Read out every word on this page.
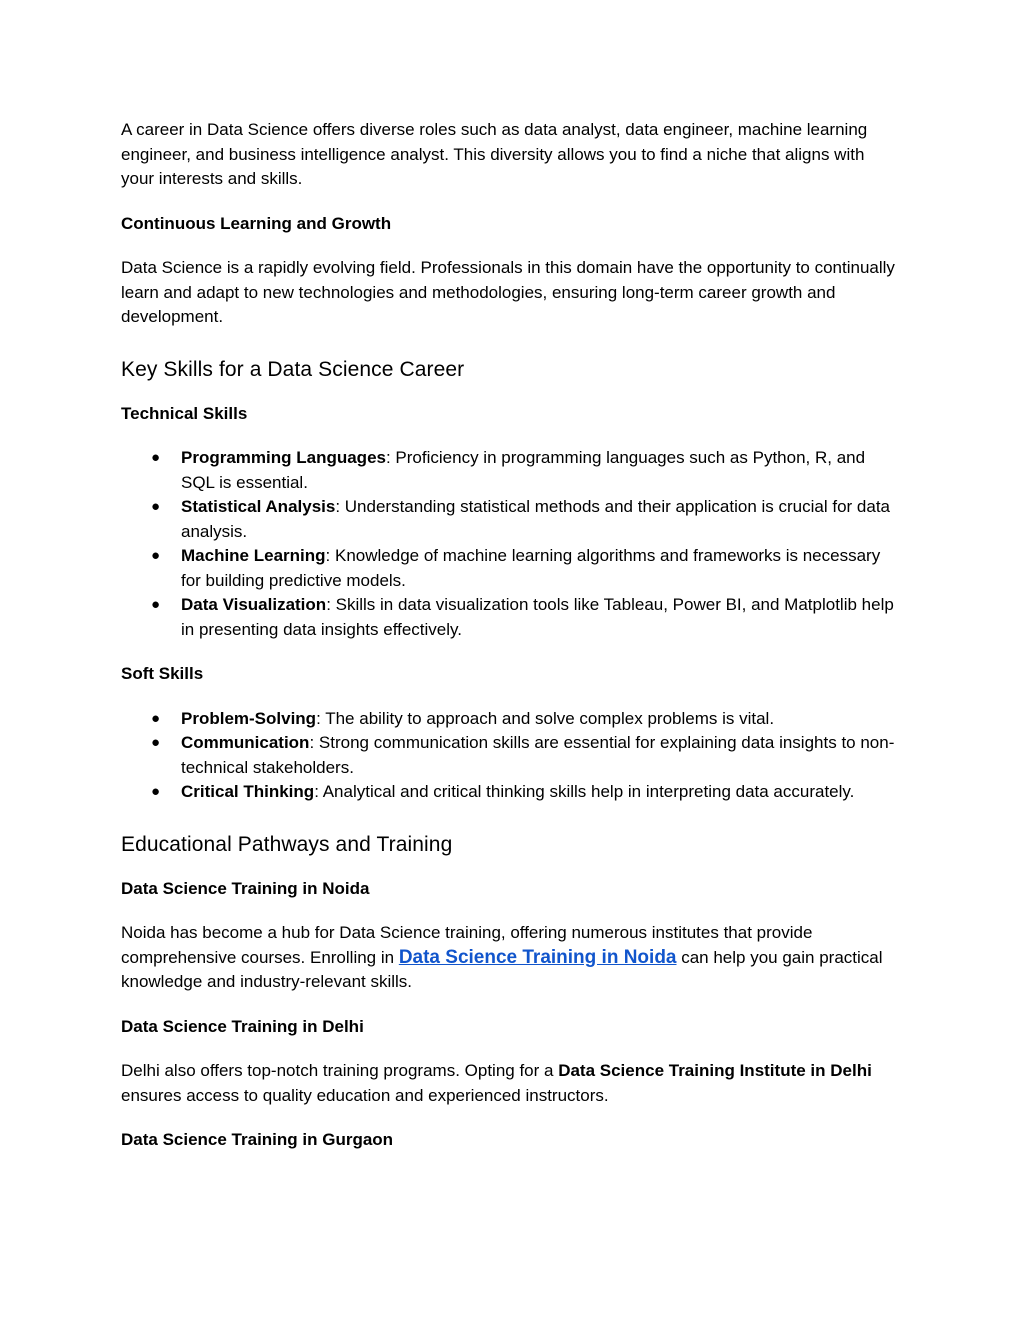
A career in Data Science offers diverse roles such as data analyst, data engineer, machine learning engineer, and business intelligence analyst. This diversity allows you to find a niche that aligns with your interests and skills.

Continuous Learning and Growth

Data Science is a rapidly evolving field. Professionals in this domain have the opportunity to continually learn and adapt to new technologies and methodologies, ensuring long-term career growth and development.

Key Skills for a Data Science Career

Technical Skills

● Programming Languages: Proficiency in programming languages such as Python, R, and SQL is essential.
● Statistical Analysis: Understanding statistical methods and their application is crucial for data analysis.
● Machine Learning: Knowledge of machine learning algorithms and frameworks is necessary for building predictive models.
● Data Visualization: Skills in data visualization tools like Tableau, Power BI, and Matplotlib help in presenting data insights effectively.

Soft Skills

● Problem-Solving: The ability to approach and solve complex problems is vital.
● Communication: Strong communication skills are essential for explaining data insights to non-technical stakeholders.
● Critical Thinking: Analytical and critical thinking skills help in interpreting data accurately.
Educational Pathways and Training

Data Science Training in Noida

Noida has become a hub for Data Science training, offering numerous institutes that provide comprehensive courses. Enrolling in Data Science Training in Noida can help you gain practical knowledge and industry-relevant skills.

Data Science Training in Delhi

Delhi also offers top-notch training programs. Opting for a Data Science Training Institute in Delhi ensures access to quality education and experienced instructors.

Data Science Training in Gurgaon
